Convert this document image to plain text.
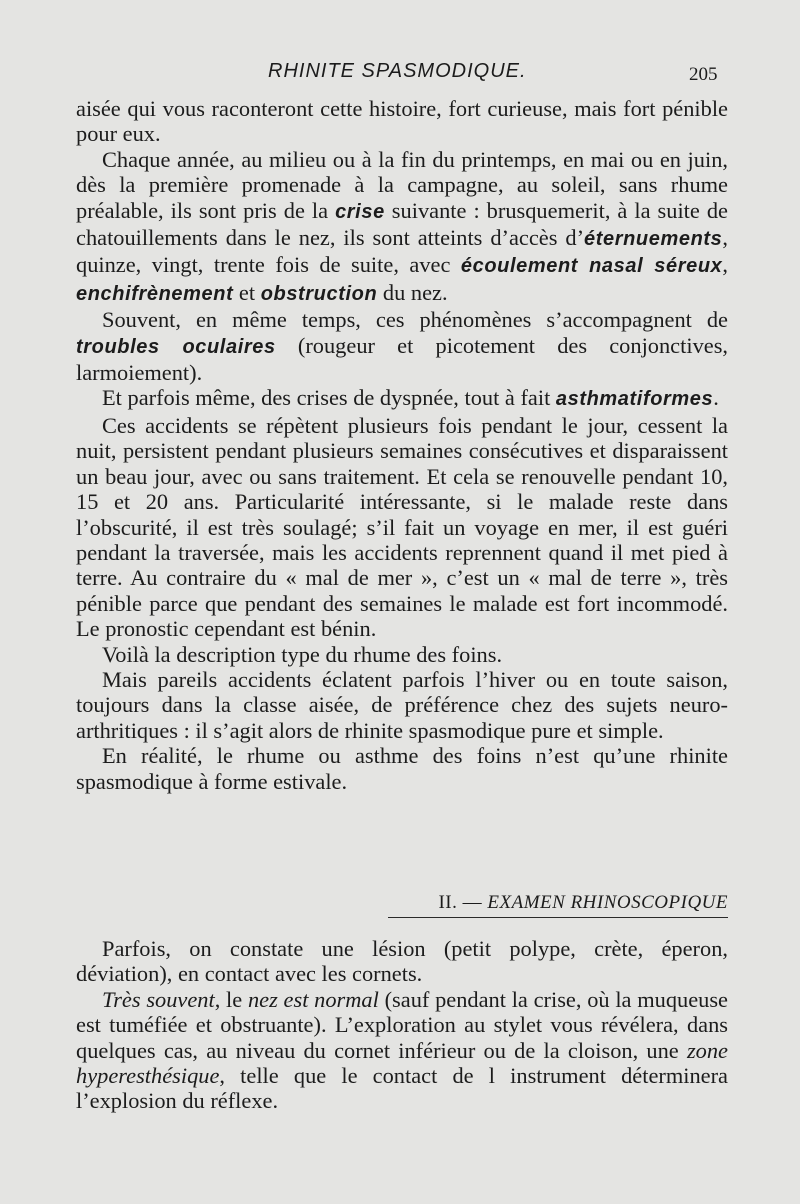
RHINITE SPASMODIQUE.	205

aisée qui vous raconteront cette histoire, fort curieuse, mais fort pénible pour eux.

Chaque année, au milieu ou à la fin du printemps, en mai ou en juin, dès la première promenade à la campagne, au soleil, sans rhume préalable, ils sont pris de la crise suivante : brusquemerit, à la suite de chatouillements dans le nez, ils sont atteints d’accès d’éternuements, quinze, vingt, trente fois de suite, avec écoulement nasal séreux, enchifrènement et obstruction du nez.

Souvent, en même temps, ces phénomènes s’accompagnent de troubles oculaires (rougeur et picotement des conjonctives, larmoiement).

Et parfois même, des crises de dyspnée, tout à fait asthmatiformes.

Ces accidents se répètent plusieurs fois pendant le jour, cessent la nuit, persistent pendant plusieurs semaines consécutives et disparaissent un beau jour, avec ou sans traitement. Et cela se renouvelle pendant 10, 15 et 20 ans. Particularité intéressante, si le malade reste dans l’obscurité, il est très soulagé; s’il fait un voyage en mer, il est guéri pendant la traversée, mais les accidents reprennent quand il met pied à terre. Au contraire du « mal de mer », c’est un « mal de terre », très pénible parce que pendant des semaines le malade est fort incommodé. Le pronostic cependant est bénin.

Voilà la description type du rhume des foins.

Mais pareils accidents éclatent parfois l’hiver ou en toute saison, toujours dans la classe aisée, de préférence chez des sujets neuro-arthritiques : il s’agit alors de rhinite spasmodique pure et simple.

En réalité, le rhume ou asthme des foins n’est qu’une rhinite spasmodique à forme estivale.

II. — EXAMEN RHINOSCOPIQUE

Parfois, on constate une lésion (petit polype, crète, éperon, déviation), en contact avec les cornets.

Très souvent, le nez est normal (sauf pendant la crise, où la muqueuse est tuméfiée et obstruante). L’exploration au stylet vous révélera, dans quelques cas, au niveau du cornet inférieur ou de la cloison, une zone hyperesthésique, telle que le contact de l instrument déterminera l’explosion du réflexe.
